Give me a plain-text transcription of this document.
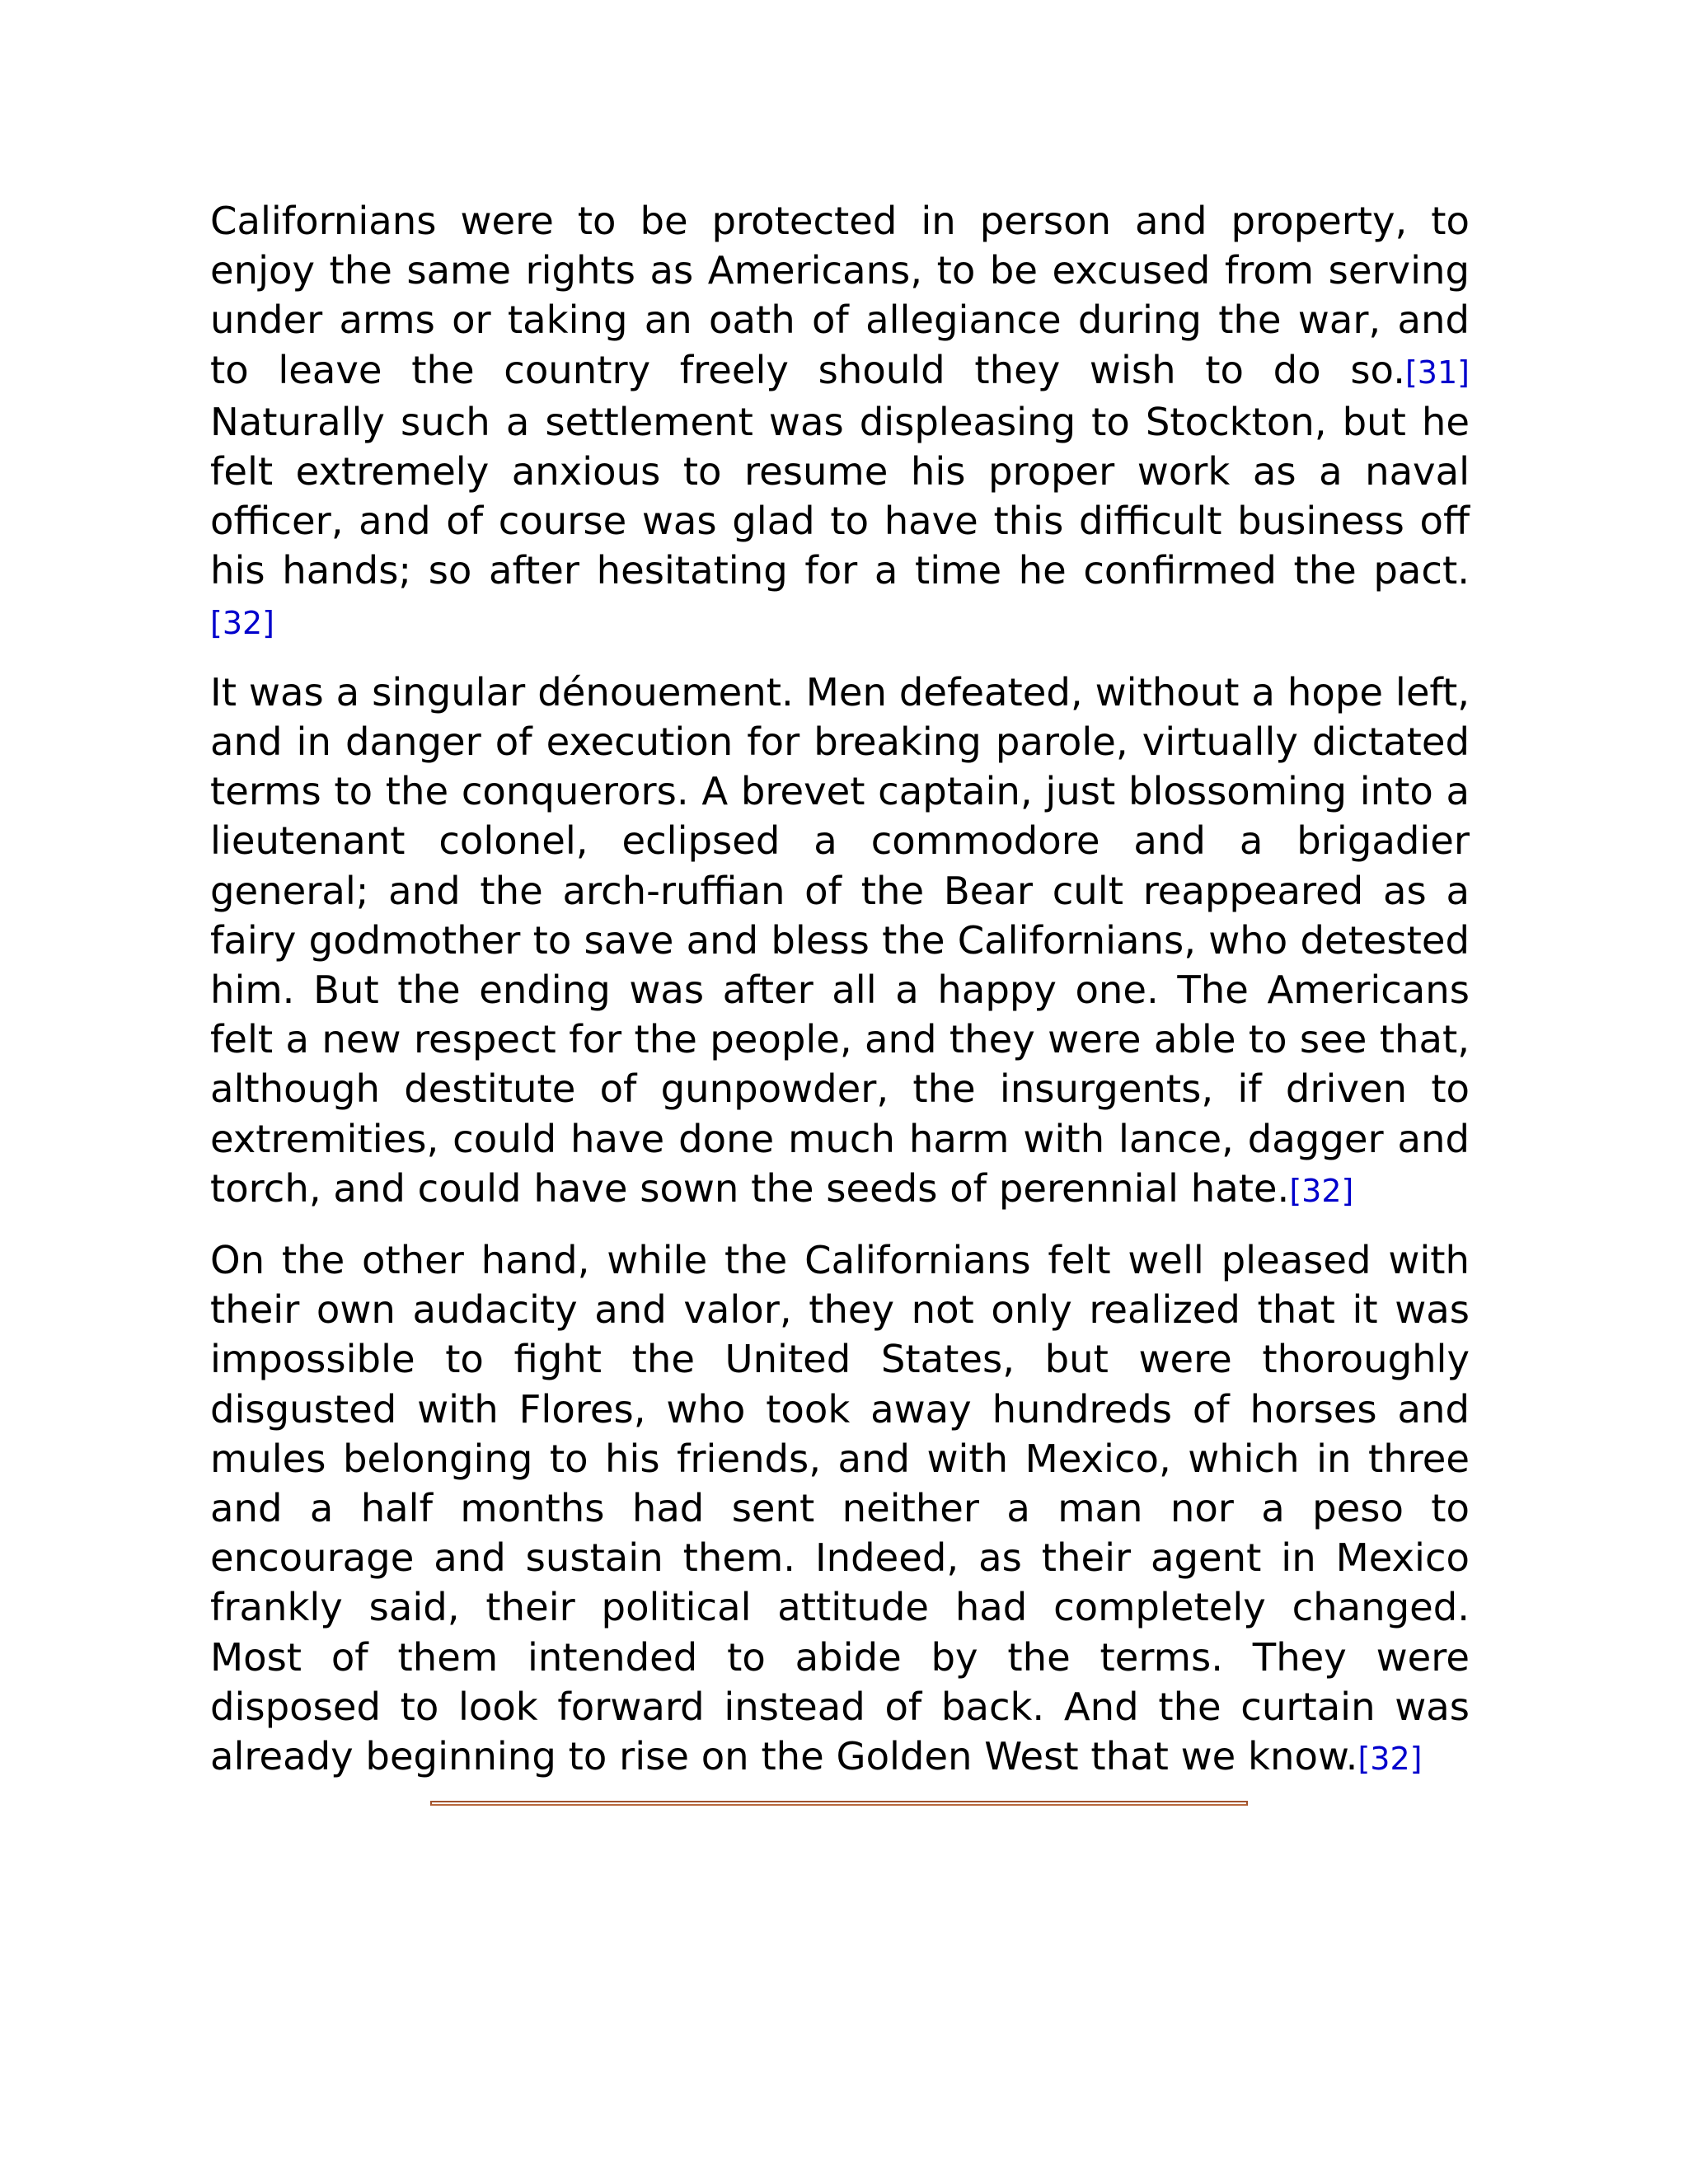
Californians were to be protected in person and property, to enjoy the same rights as Americans, to be excused from serving under arms or taking an oath of allegiance during the war, and to leave the country freely should they wish to do so.[31] Naturally such a settlement was displeasing to Stockton, but he felt extremely anxious to resume his proper work as a naval officer, and of course was glad to have this difficult business off his hands; so after hesitating for a time he confirmed the pact.[32]

It was a singular dénouement. Men defeated, without a hope left, and in danger of execution for breaking parole, virtually dictated terms to the conquerors. A brevet captain, just blossoming into a lieutenant colonel, eclipsed a commodore and a brigadier general; and the arch-ruffian of the Bear cult reappeared as a fairy godmother to save and bless the Californians, who detested him. But the ending was after all a happy one. The Americans felt a new respect for the people, and they were able to see that, although destitute of gunpowder, the insurgents, if driven to extremities, could have done much harm with lance, dagger and torch, and could have sown the seeds of perennial hate.[32]

On the other hand, while the Californians felt well pleased with their own audacity and valor, they not only realized that it was impossible to fight the United States, but were thoroughly disgusted with Flores, who took away hundreds of horses and mules belonging to his friends, and with Mexico, which in three and a half months had sent neither a man nor a peso to encourage and sustain them. Indeed, as their agent in Mexico frankly said, their political attitude had completely changed. Most of them intended to abide by the terms. They were disposed to look forward instead of back. And the curtain was already beginning to rise on the Golden West that we know.[32]
